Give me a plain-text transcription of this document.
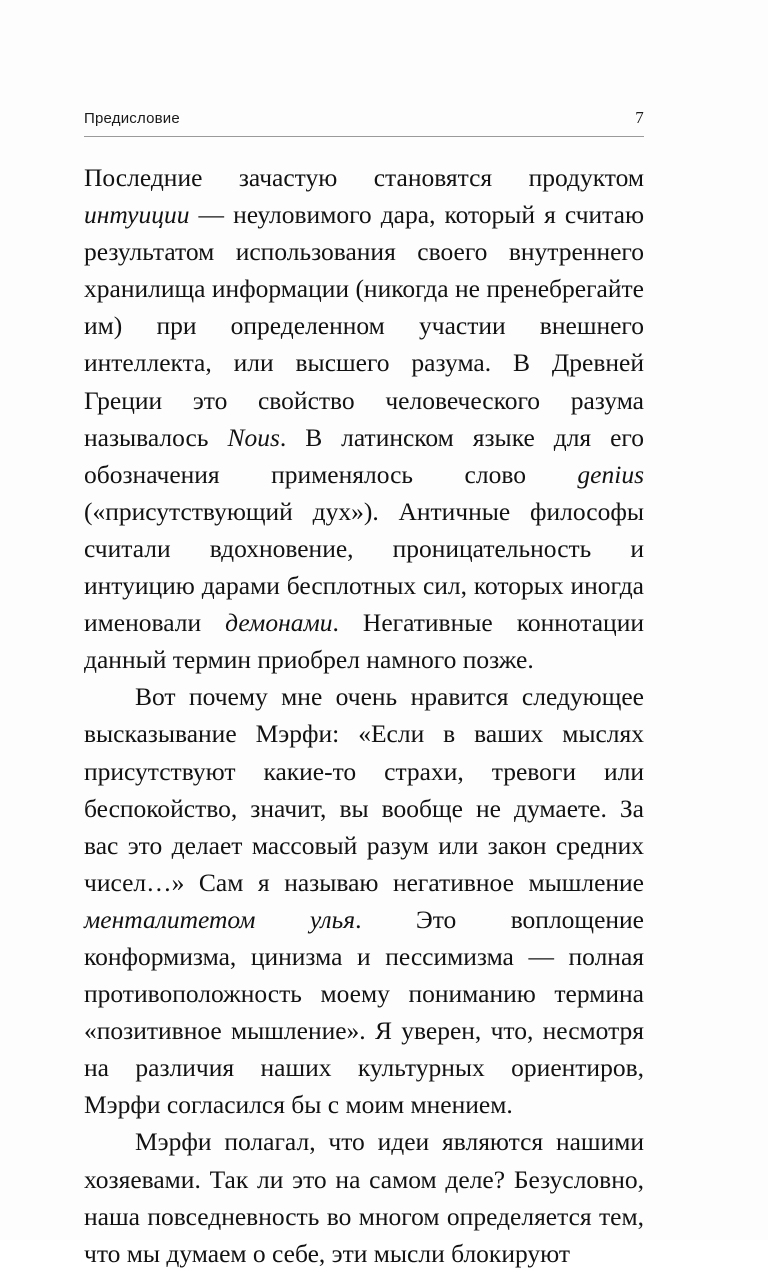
Предисловие	7

Последние зачастую становятся продуктом интуиции — неуловимого дара, который я считаю результатом использования своего внутреннего хранилища информации (никогда не пренебрегайте им) при определенном участии внешнего интеллекта, или высшего разума. В Древней Греции это свойство человеческого разума называлось Nous. В латинском языке для его обозначения применялось слово genius («присутствующий дух»). Античные философы считали вдохновение, проницательность и интуицию дарами бесплотных сил, которых иногда именовали демонами. Негативные коннотации данный термин приобрел намного позже.

Вот почему мне очень нравится следующее высказывание Мэрфи: «Если в ваших мыслях присутствуют какие-то страхи, тревоги или беспокойство, значит, вы вообще не думаете. За вас это делает массовый разум или закон средних чисел…» Сам я называю негативное мышление менталитетом улья. Это воплощение конформизма, цинизма и пессимизма — полная противоположность моему пониманию термина «позитивное мышление». Я уверен, что, несмотря на различия наших культурных ориентиров, Мэрфи согласился бы с моим мнением.

Мэрфи полагал, что идеи являются нашими хозяевами. Так ли это на самом деле? Безусловно, наша повседневность во многом определяется тем, что мы думаем о себе, эти мысли блокируют
